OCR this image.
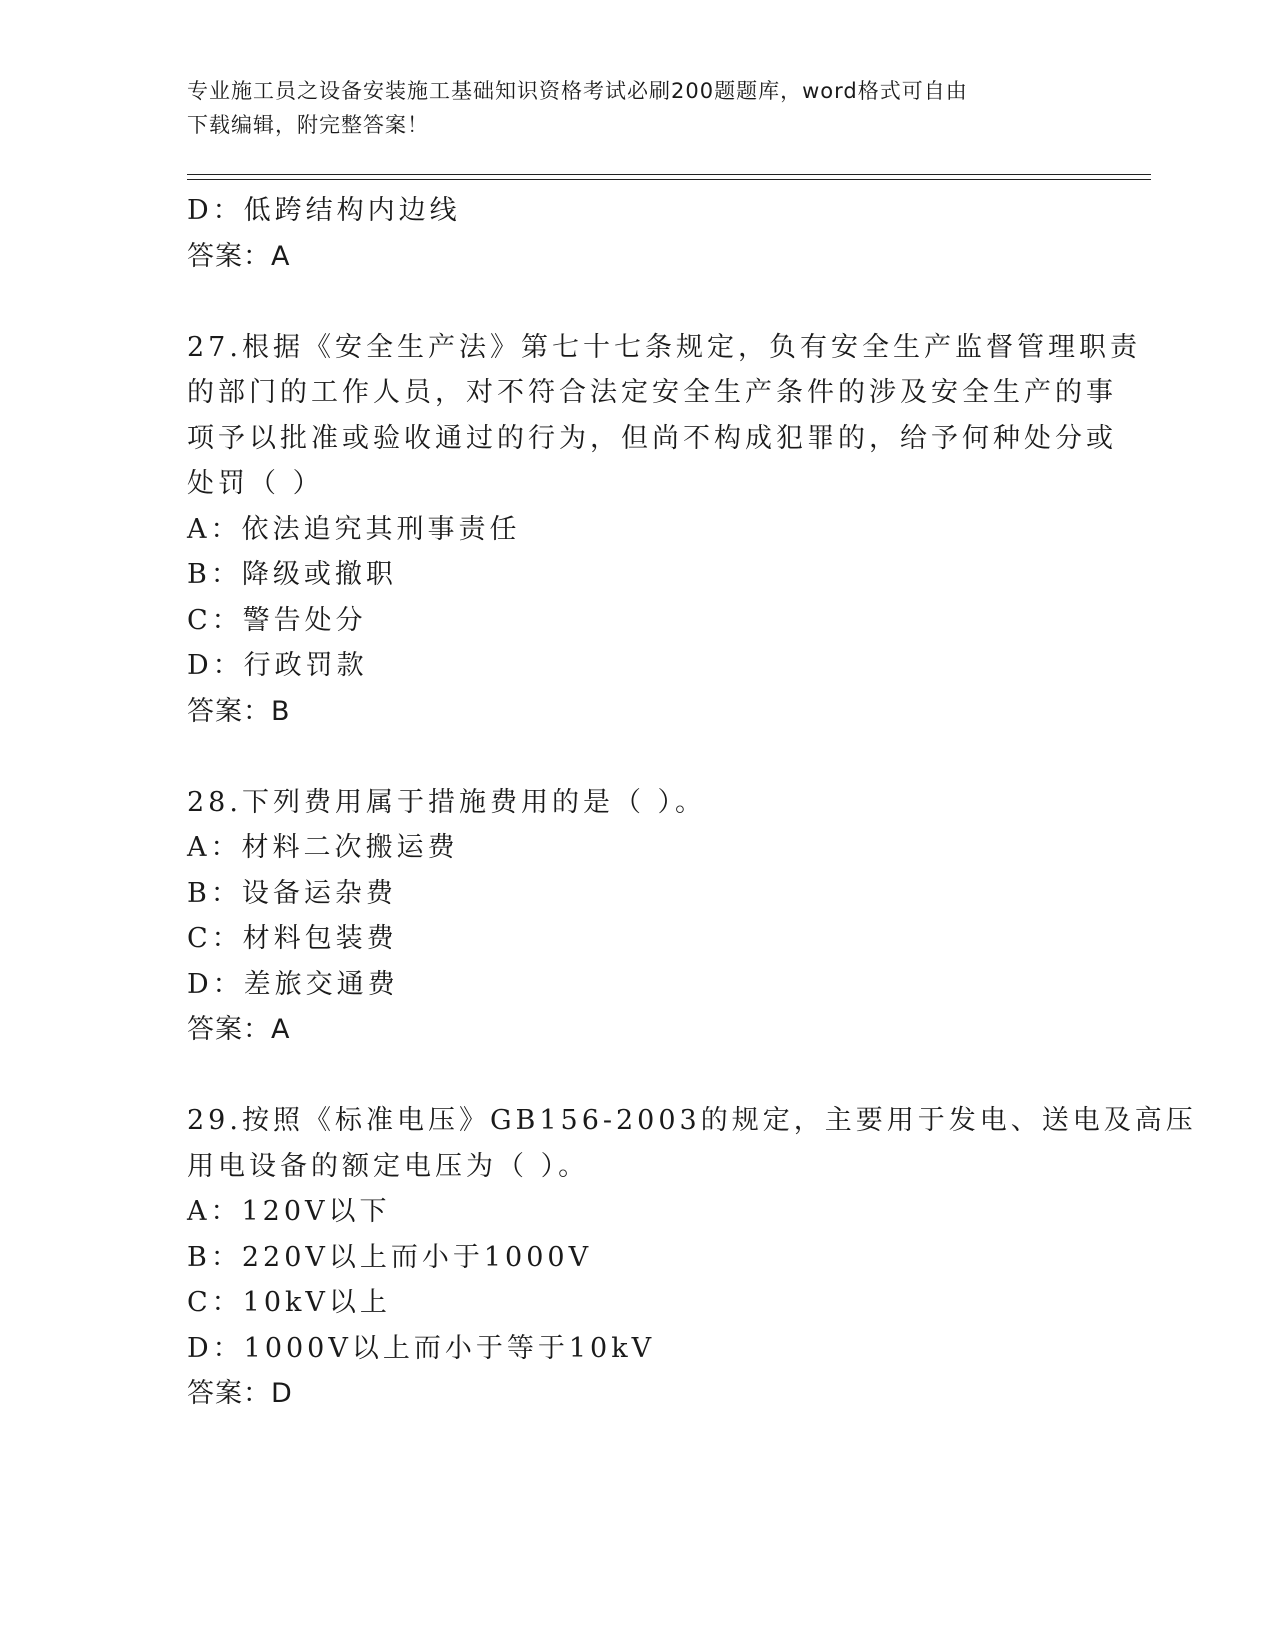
专业施工员之设备安装施工基础知识资格考试必刷200题题库，word格式可自由
下载编辑，附完整答案！

D：低跨结构内边线

答案：A

27.根据《安全生产法》第七十七条规定，负有安全生产监督管理职责

的部门的工作人员，对不符合法定安全生产条件的涉及安全生产的事

项予以批准或验收通过的行为，但尚不构成犯罪的，给予何种处分或

处罚（ ）

A：依法追究其刑事责任

B：降级或撤职

C：警告处分

D：行政罚款

答案：B

28.下列费用属于措施费用的是（ ）。

A：材料二次搬运费

B：设备运杂费

C：材料包装费

D：差旅交通费

答案：A

29.按照《标准电压》GB156-2003的规定，主要用于发电、送电及高压

用电设备的额定电压为（ ）。

A：120V以下

B：220V以上而小于1000V

C：10kV以上

D：1000V以上而小于等于10kV

答案：D
